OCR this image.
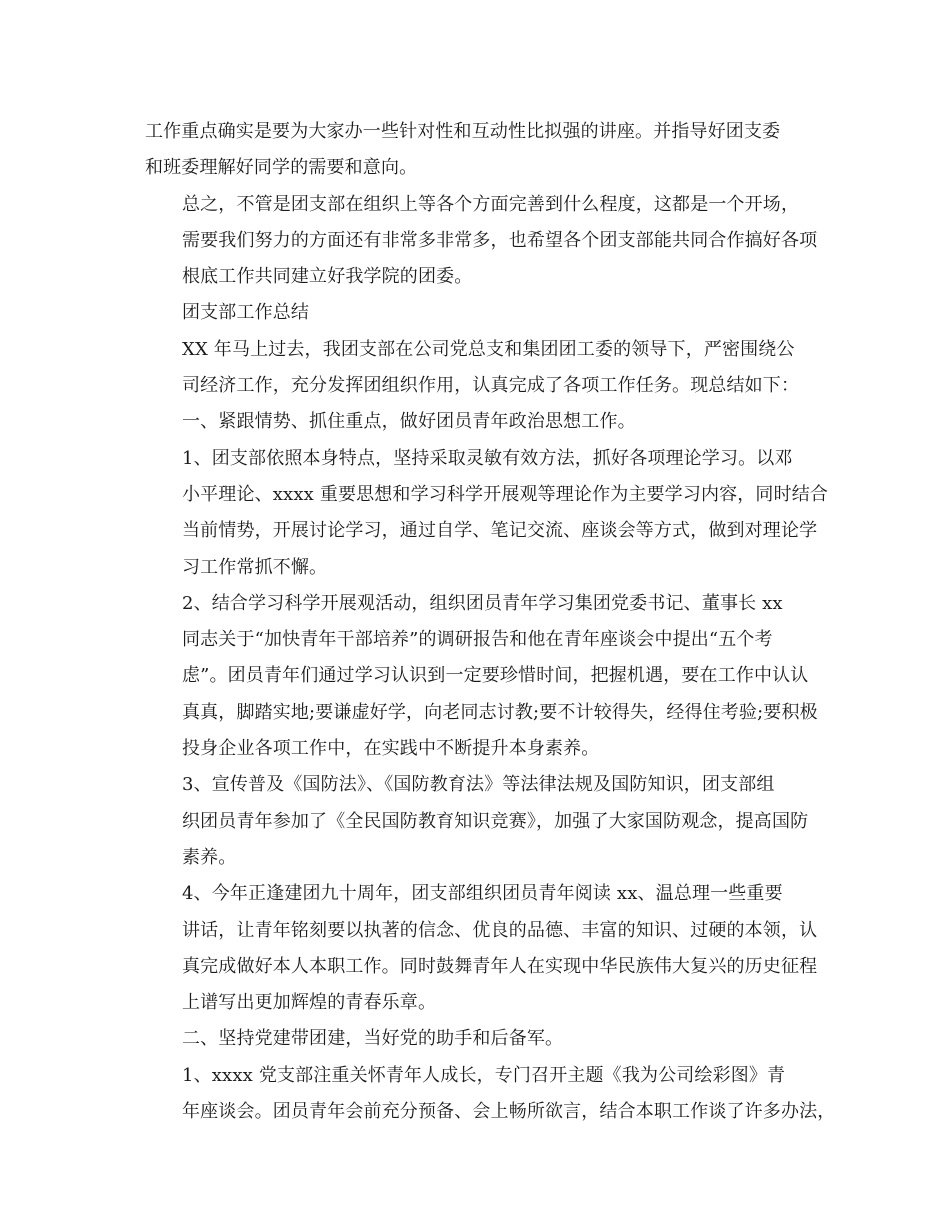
工作重点确实是要为大家办一些针对性和互动性比拟强的讲座。并指导好团支委
和班委理解好同学的需要和意向。

总之，不管是团支部在组织上等各个方面完善到什么程度，这都是一个开场，
需要我们努力的方面还有非常多非常多，也希望各个团支部能共同合作搞好各项
根底工作共同建立好我学院的团委。

团支部工作总结

XX 年马上过去，我团支部在公司党总支和集团团工委的领导下，严密围绕公
司经济工作，充分发挥团组织作用，认真完成了各项工作任务。现总结如下：

一、紧跟情势、抓住重点，做好团员青年政治思想工作。

1、团支部依照本身特点，坚持采取灵敏有效方法，抓好各项理论学习。以邓
小平理论、xxxx 重要思想和学习科学开展观等理论作为主要学习内容，同时结合
当前情势，开展讨论学习，通过自学、笔记交流、座谈会等方式，做到对理论学
习工作常抓不懈。

2、结合学习科学开展观活动，组织团员青年学习集团党委书记、董事长 xx
同志关于“加快青年干部培养”的调研报告和他在青年座谈会中提出“五个考
虑”。团员青年们通过学习认识到一定要珍惜时间，把握机遇，要在工作中认认
真真，脚踏实地;要谦虚好学，向老同志讨教;要不计较得失，经得住考验;要积极
投身企业各项工作中，在实践中不断提升本身素养。

3、宣传普及《国防法》、《国防教育法》等法律法规及国防知识，团支部组
织团员青年参加了《全民国防教育知识竞赛》，加强了大家国防观念，提高国防
素养。

4、今年正逢建团九十周年，团支部组织团员青年阅读 xx、温总理一些重要
讲话，让青年铭刻要以执著的信念、优良的品德、丰富的知识、过硬的本领，认
真完成做好本人本职工作。同时鼓舞青年人在实现中华民族伟大复兴的历史征程
上谱写出更加辉煌的青春乐章。

二、坚持党建带团建，当好党的助手和后备军。

1、xxxx 党支部注重关怀青年人成长，专门召开主题《我为公司绘彩图》青
年座谈会。团员青年会前充分预备、会上畅所欲言，结合本职工作谈了许多办法，
